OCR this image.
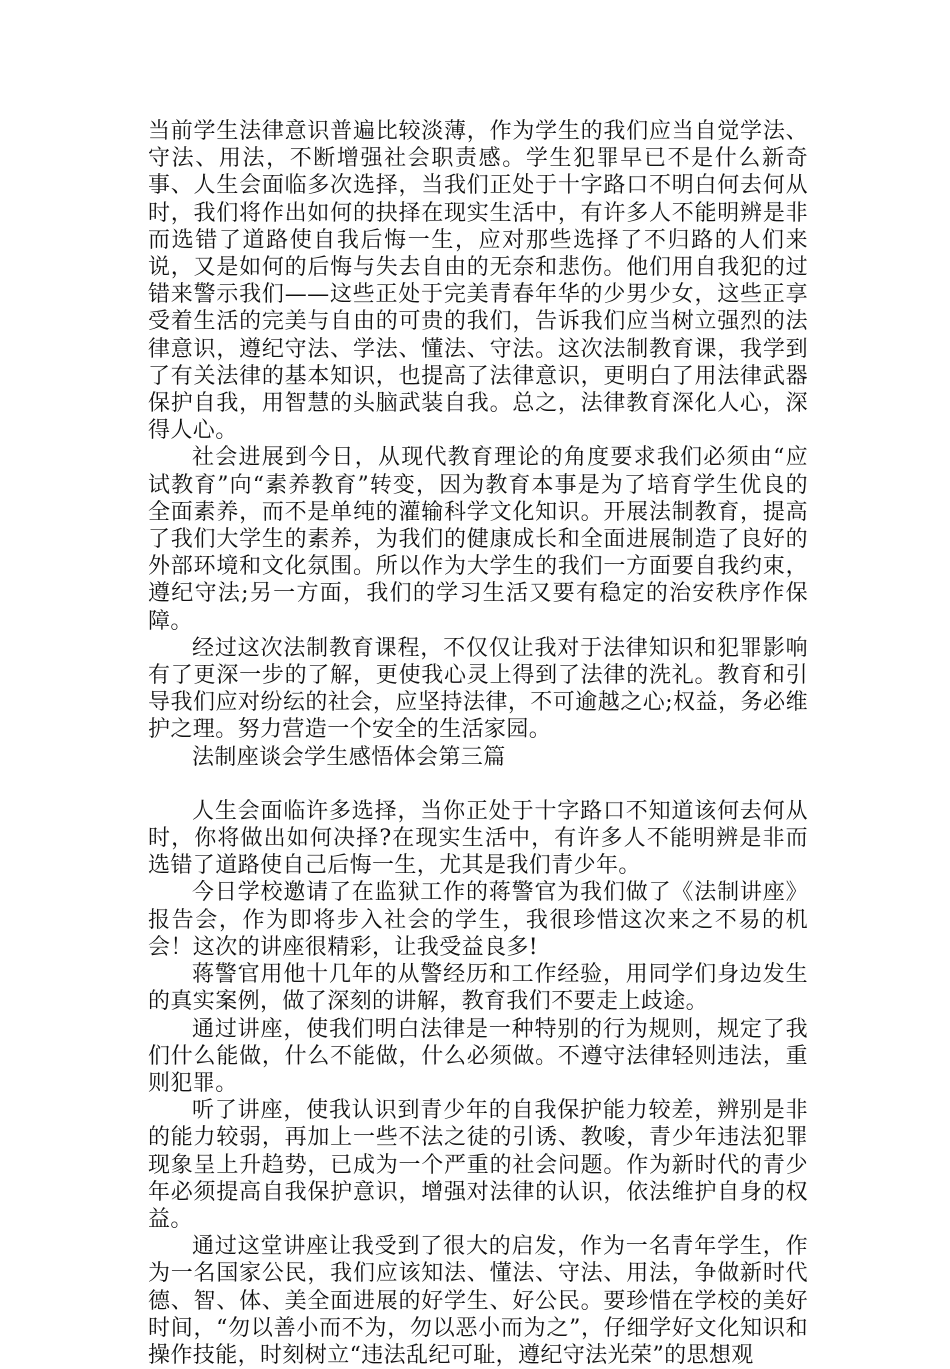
当前学生法律意识普遍比较淡薄，作为学生的我们应当自觉学法、守法、用法，不断增强社会职责感。学生犯罪早已不是什么新奇事、人生会面临多次选择，当我们正处于十字路口不明白何去何从时，我们将作出如何的抉择在现实生活中，有许多人不能明辨是非而选错了道路使自我后悔一生，应对那些选择了不归路的人们来说，又是如何的后悔与失去自由的无奈和悲伤。他们用自我犯的过错来警示我们——这些正处于完美青春年华的少男少女，这些正享受着生活的完美与自由的可贵的我们，告诉我们应当树立强烈的法律意识，遵纪守法、学法、懂法、守法。这次法制教育课，我学到了有关法律的基本知识，也提高了法律意识，更明白了用法律武器保护自我，用智慧的头脑武装自我。总之，法律教育深化人心，深得人心。

社会进展到今日，从现代教育理论的角度要求我们必须由“应试教育”向“素养教育”转变，因为教育本事是为了培育学生优良的全面素养，而不是单纯的灌输科学文化知识。开展法制教育，提高了我们大学生的素养，为我们的健康成长和全面进展制造了良好的外部环境和文化氛围。所以作为大学生的我们一方面要自我约束，遵纪守法;另一方面，我们的学习生活又要有稳定的治安秩序作保障。

经过这次法制教育课程，不仅仅让我对于法律知识和犯罪影响有了更深一步的了解，更使我心灵上得到了法律的洗礼。教育和引导我们应对纷纭的社会，应坚持法律，不可逾越之心;权益，务必维护之理。努力营造一个安全的生活家园。

法制座谈会学生感悟体会第三篇

人生会面临许多选择，当你正处于十字路口不知道该何去何从时，你将做出如何决择?在现实生活中，有许多人不能明辨是非而选错了道路使自己后悔一生，尤其是我们青少年。

今日学校邀请了在监狱工作的蒋警官为我们做了《法制讲座》报告会，作为即将步入社会的学生，我很珍惜这次来之不易的机会！这次的讲座很精彩，让我受益良多!

蒋警官用他十几年的从警经历和工作经验，用同学们身边发生的真实案例，做了深刻的讲解，教育我们不要走上歧途。

通过讲座，使我们明白法律是一种特别的行为规则，规定了我们什么能做，什么不能做，什么必须做。不遵守法律轻则违法，重则犯罪。

听了讲座，使我认识到青少年的自我保护能力较差，辨别是非的能力较弱，再加上一些不法之徒的引诱、教唆，青少年违法犯罪现象呈上升趋势，已成为一个严重的社会问题。作为新时代的青少年必须提高自我保护意识，增强对法律的认识，依法维护自身的权益。

通过这堂讲座让我受到了很大的启发，作为一名青年学生，作为一名国家公民，我们应该知法、懂法、守法、用法，争做新时代德、智、体、美全面进展的好学生、好公民。要珍惜在学校的美好时间，“勿以善小而不为，勿以恶小而为之”，仔细学好文化知识和操作技能，时刻树立“违法乱纪可耻，遵纪守法光荣”的思想观
